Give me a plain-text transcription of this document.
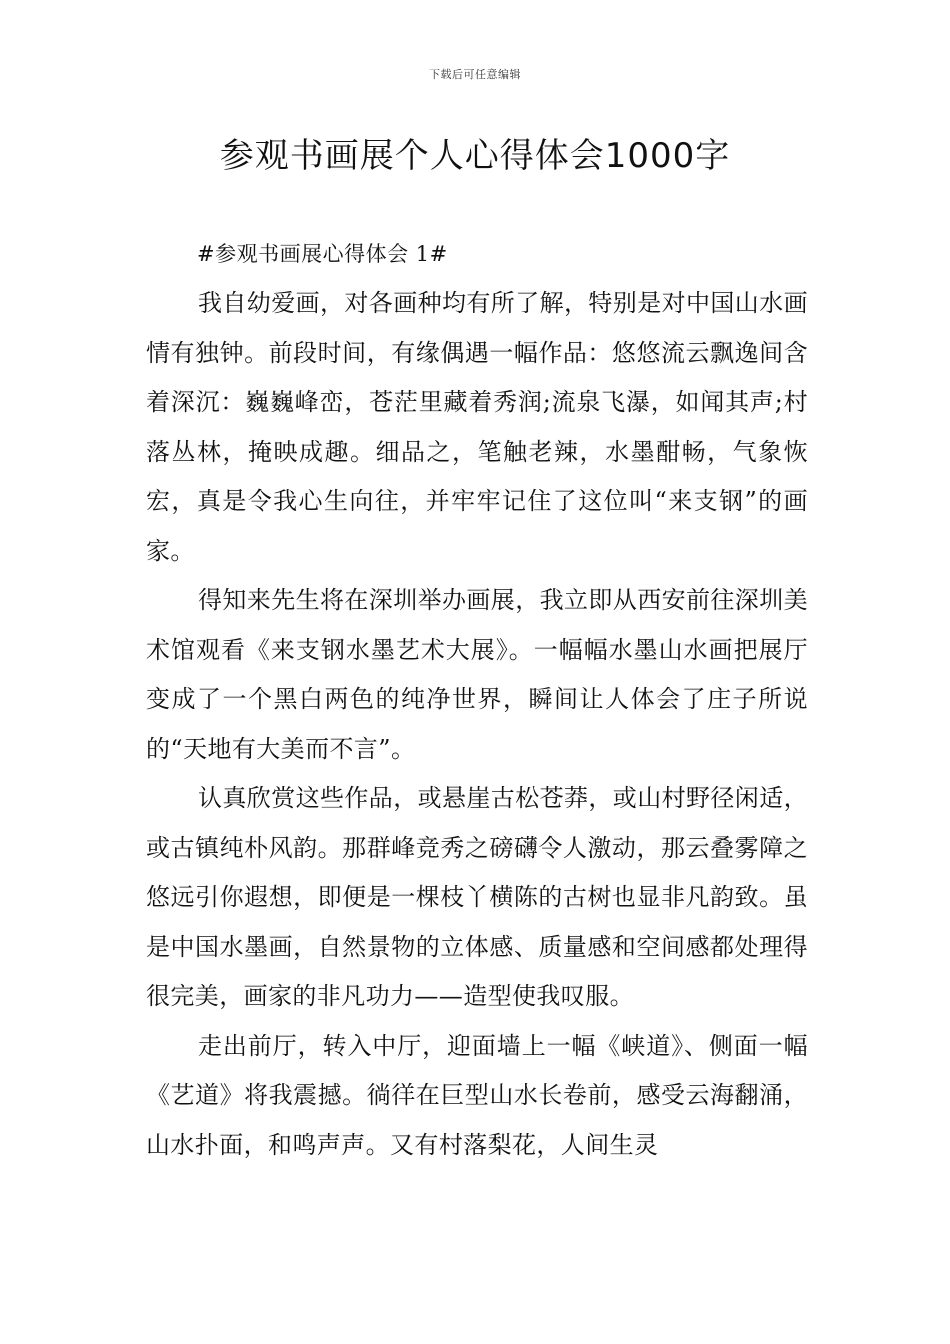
下载后可任意编辑
参观书画展个人心得体会1000字

#参观书画展心得体会 1#

我自幼爱画，对各画种均有所了解，特别是对中国山水画情有独钟。前段时间，有缘偶遇一幅作品：悠悠流云飘逸间含着深沉：巍巍峰峦，苍茫里藏着秀润;流泉飞瀑，如闻其声;村落丛林，掩映成趣。细品之，笔触老辣，水墨酣畅，气象恢宏，真是令我心生向往，并牢牢记住了这位叫“来支钢”的画家。

得知来先生将在深圳举办画展，我立即从西安前往深圳美术馆观看《来支钢水墨艺术大展》。一幅幅水墨山水画把展厅变成了一个黑白两色的纯净世界，瞬间让人体会了庄子所说的“天地有大美而不言”。

认真欣赏这些作品，或悬崖古松苍莽，或山村野径闲适，或古镇纯朴风韵。那群峰竞秀之磅礴令人激动，那云叠雾障之悠远引你遐想，即便是一棵枝丫横陈的古树也显非凡韵致。虽是中国水墨画，自然景物的立体感、质量感和空间感都处理得很完美，画家的非凡功力——造型使我叹服。

走出前厅，转入中厅，迎面墙上一幅《峡道》、侧面一幅《艺道》将我震撼。徜徉在巨型山水长卷前，感受云海翻涌，山水扑面，和鸣声声。又有村落梨花，人间生灵
